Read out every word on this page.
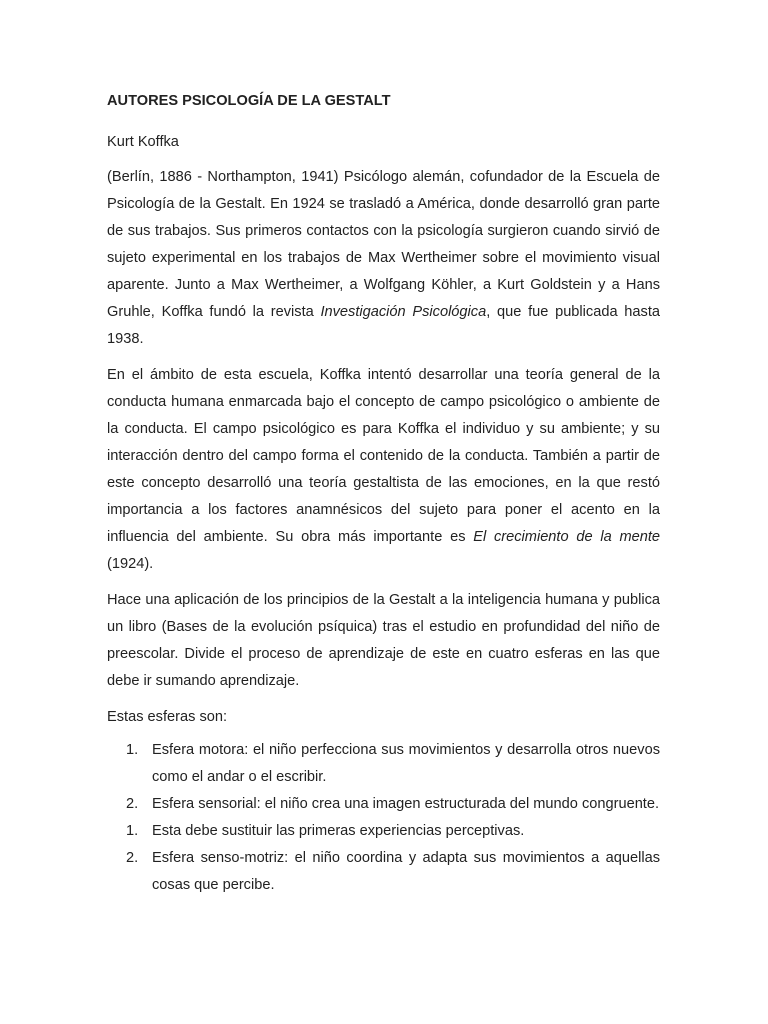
AUTORES PSICOLOGÍA DE LA GESTALT
Kurt Koffka

(Berlín, 1886 - Northampton, 1941) Psicólogo alemán, cofundador de la Escuela de Psicología de la Gestalt. En 1924 se trasladó a América, donde desarrolló gran parte de sus trabajos. Sus primeros contactos con la psicología surgieron cuando sirvió de sujeto experimental en los trabajos de Max Wertheimer sobre el movimiento visual aparente. Junto a Max Wertheimer, a Wolfgang Köhler, a Kurt Goldstein y a Hans Gruhle, Koffka fundó la revista Investigación Psicológica, que fue publicada hasta 1938.

En el ámbito de esta escuela, Koffka intentó desarrollar una teoría general de la conducta humana enmarcada bajo el concepto de campo psicológico o ambiente de la conducta. El campo psicológico es para Koffka el individuo y su ambiente; y su interacción dentro del campo forma el contenido de la conducta. También a partir de este concepto desarrolló una teoría gestaltista de las emociones, en la que restó importancia a los factores anamnésicos del sujeto para poner el acento en la influencia del ambiente. Su obra más importante es El crecimiento de la mente (1924).

Hace una aplicación de los principios de la Gestalt a la inteligencia humana y publica un libro (Bases de la evolución psíquica) tras el estudio en profundidad del niño de preescolar. Divide el proceso de aprendizaje de este en cuatro esferas en las que debe ir sumando aprendizaje.

Estas esferas son:

1. Esfera motora: el niño perfecciona sus movimientos y desarrolla otros nuevos como el andar o el escribir.
2. Esfera sensorial: el niño crea una imagen estructurada del mundo congruente.
1. Esta debe sustituir las primeras experiencias perceptivas.
2. Esfera senso-motriz: el niño coordina y adapta sus movimientos a aquellas cosas que percibe.
